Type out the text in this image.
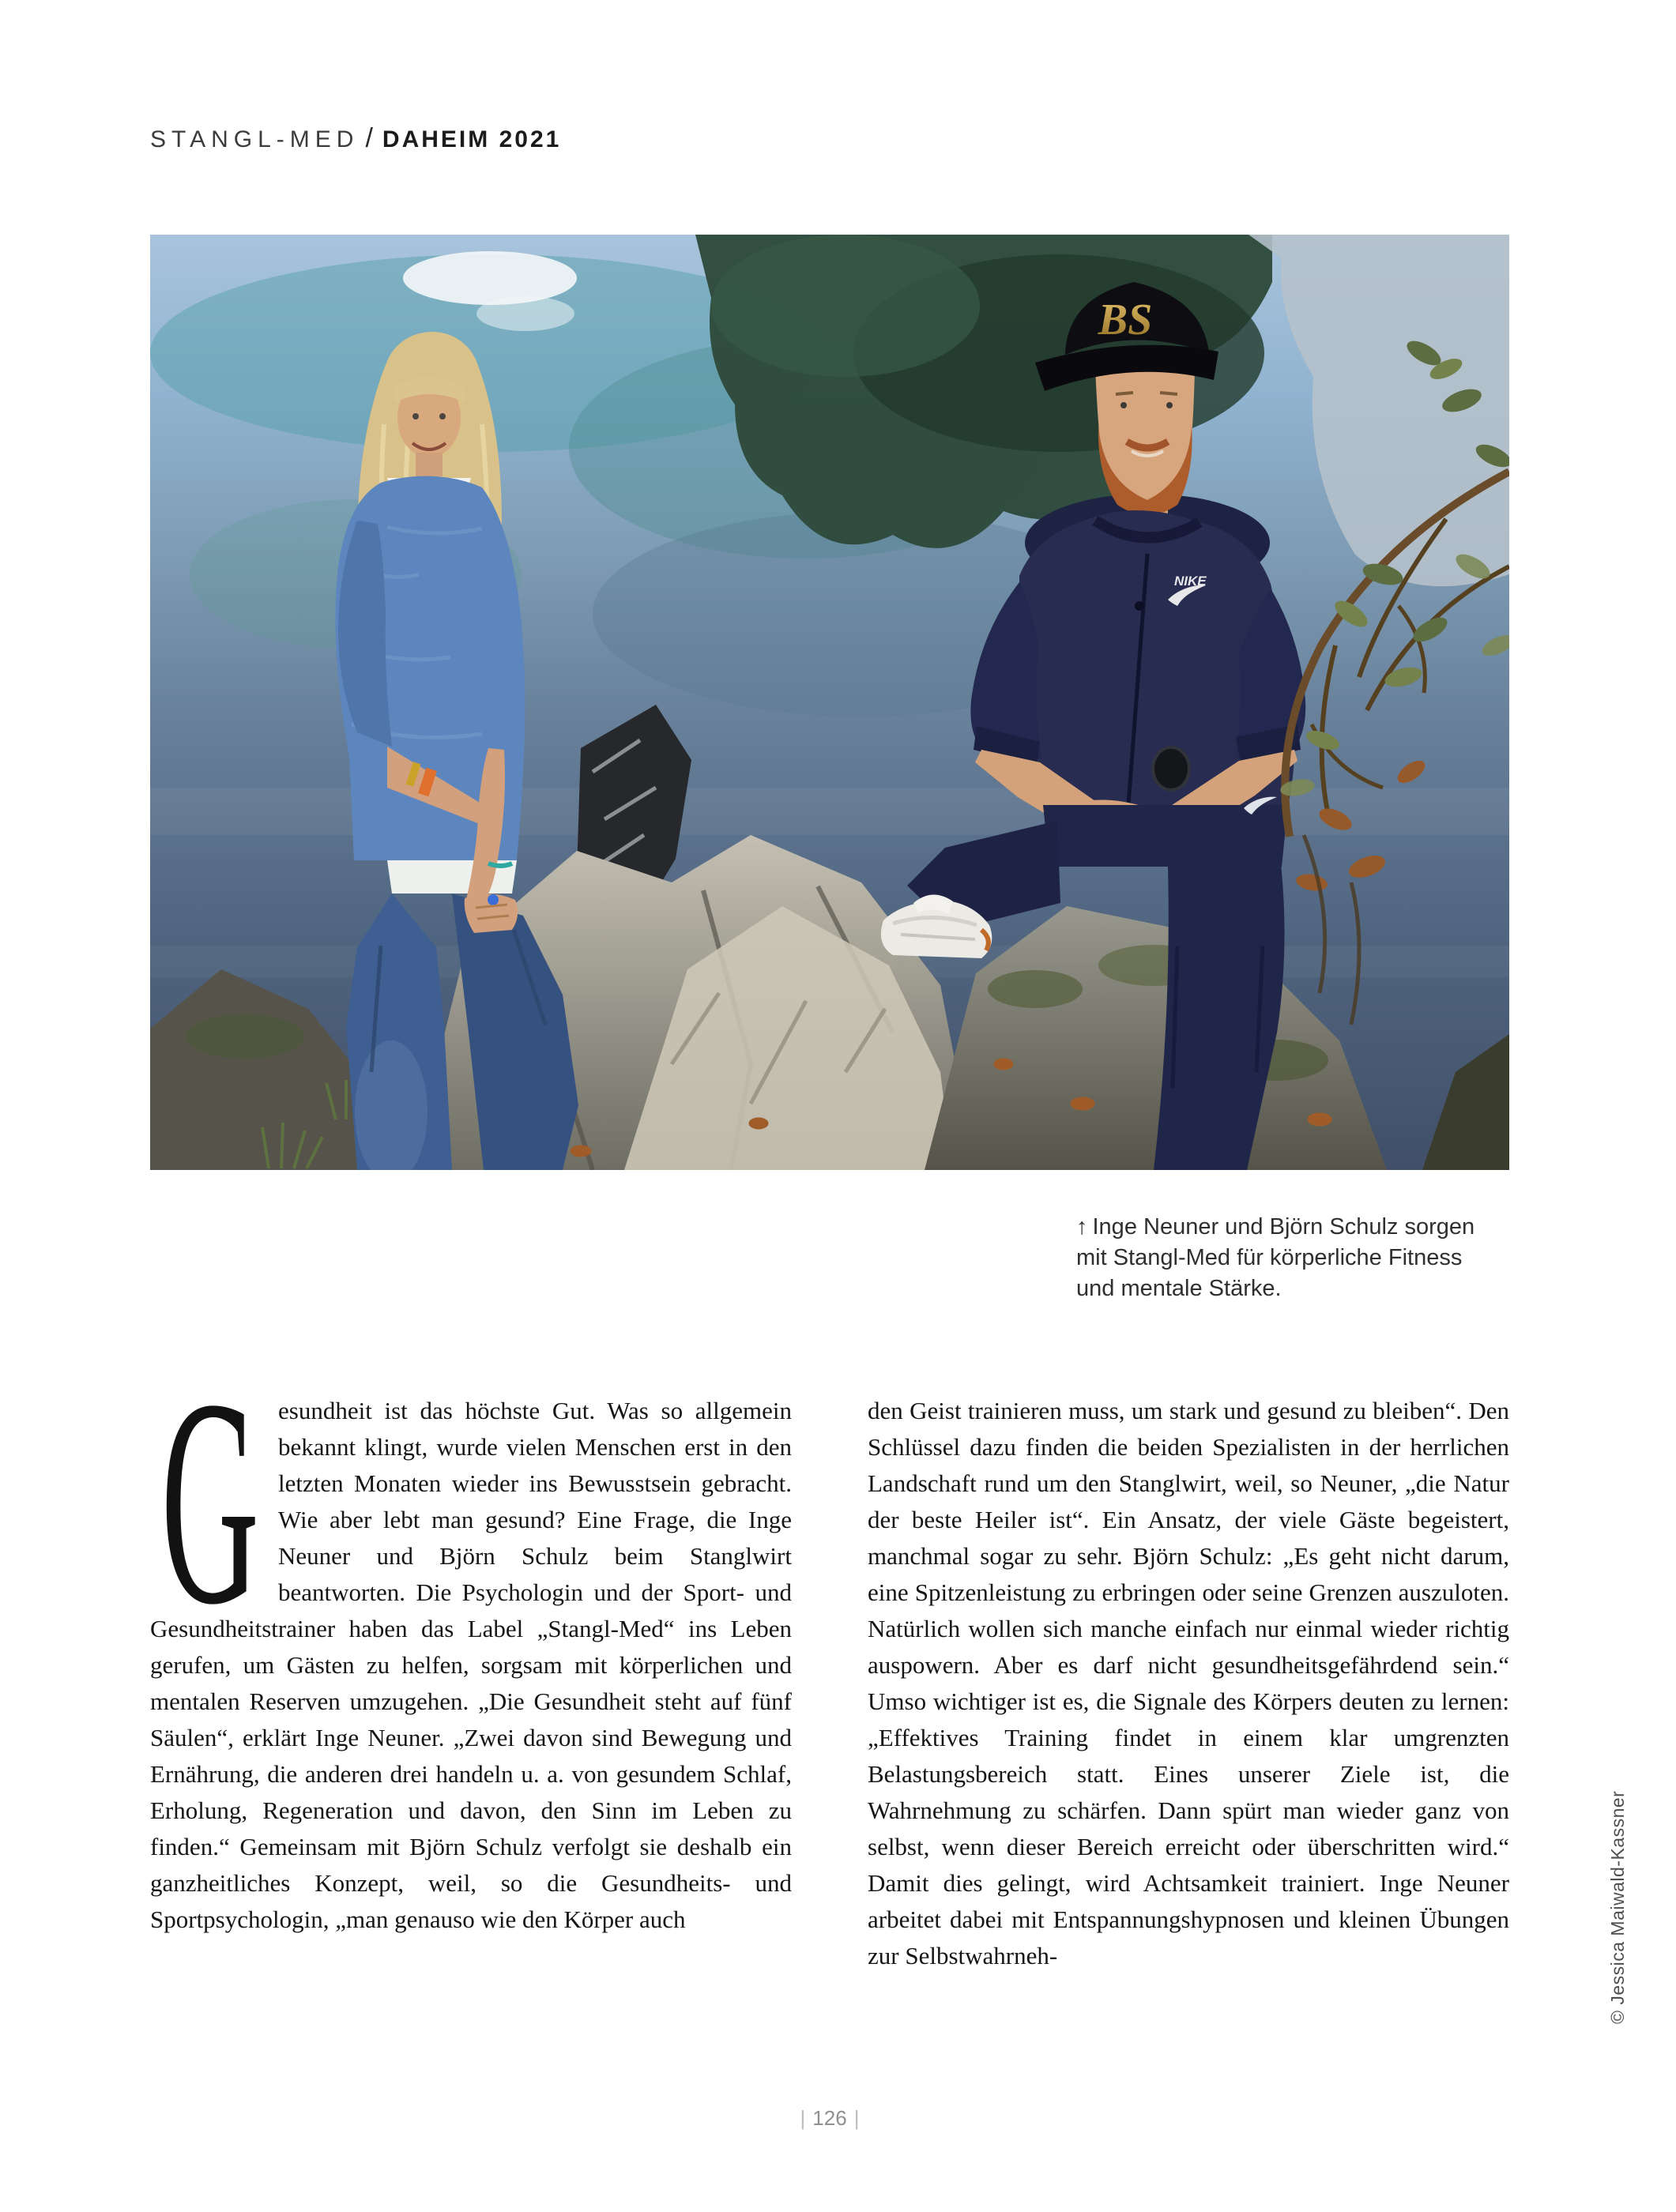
STANGL-MED / DAHEIM 2021
BS
NIKE
↑ Inge Neuner und Björn Schulz sorgen
mit Stangl-Med für körperliche Fitness
und mentale Stärke.
G esundheit ist das höchste Gut. Was so allgemein bekannt klingt, wurde vielen Menschen erst in den letzten Monaten wieder ins Bewusstsein gebracht. Wie aber lebt man gesund? Eine Frage, die Inge Neuner und Björn Schulz beim Stanglwirt beantworten. Die Psychologin und der Sport- und Gesundheitstrainer haben das Label „Stangl-Med“ ins Leben gerufen, um Gästen zu helfen, sorgsam mit körperlichen und mentalen Reserven umzugehen. „Die Gesundheit steht auf fünf Säulen“, erklärt Inge Neuner. „Zwei davon sind Bewegung und Ernährung, die anderen drei handeln u. a. von gesundem Schlaf, Erholung, Regeneration und davon, den Sinn im Leben zu finden.“ Gemeinsam mit Björn Schulz verfolgt sie deshalb ein ganzheitliches Konzept, weil, so die Gesundheits- und Sportpsychologin, „man genauso wie den Körper auch
den Geist trainieren muss, um stark und gesund zu bleiben“. Den Schlüssel dazu finden die beiden Spezialisten in der herrlichen Landschaft rund um den Stanglwirt, weil, so Neuner, „die Natur der beste Heiler ist“. Ein Ansatz, der viele Gäste begeistert, manchmal sogar zu sehr. Björn Schulz: „Es geht nicht darum, eine Spitzenleistung zu erbringen oder seine Grenzen auszuloten. Natürlich wollen sich manche einfach nur einmal wieder richtig auspowern. Aber es darf nicht gesundheitsgefährdend sein.“ Umso wichtiger ist es, die Signale des Körpers deuten zu lernen: „Effektives Training findet in einem klar umgrenzten Belastungsbereich statt. Eines unserer Ziele ist, die Wahrnehmung zu schärfen. Dann spürt man wieder ganz von selbst, wenn dieser Bereich erreicht oder überschritten wird.“ Damit dies gelingt, wird Achtsamkeit trainiert. Inge Neuner arbeitet dabei mit Entspannungshypnosen und kleinen Übungen zur Selbstwahrneh-	© Jessica Maiwald-Kassner
| 126 |
